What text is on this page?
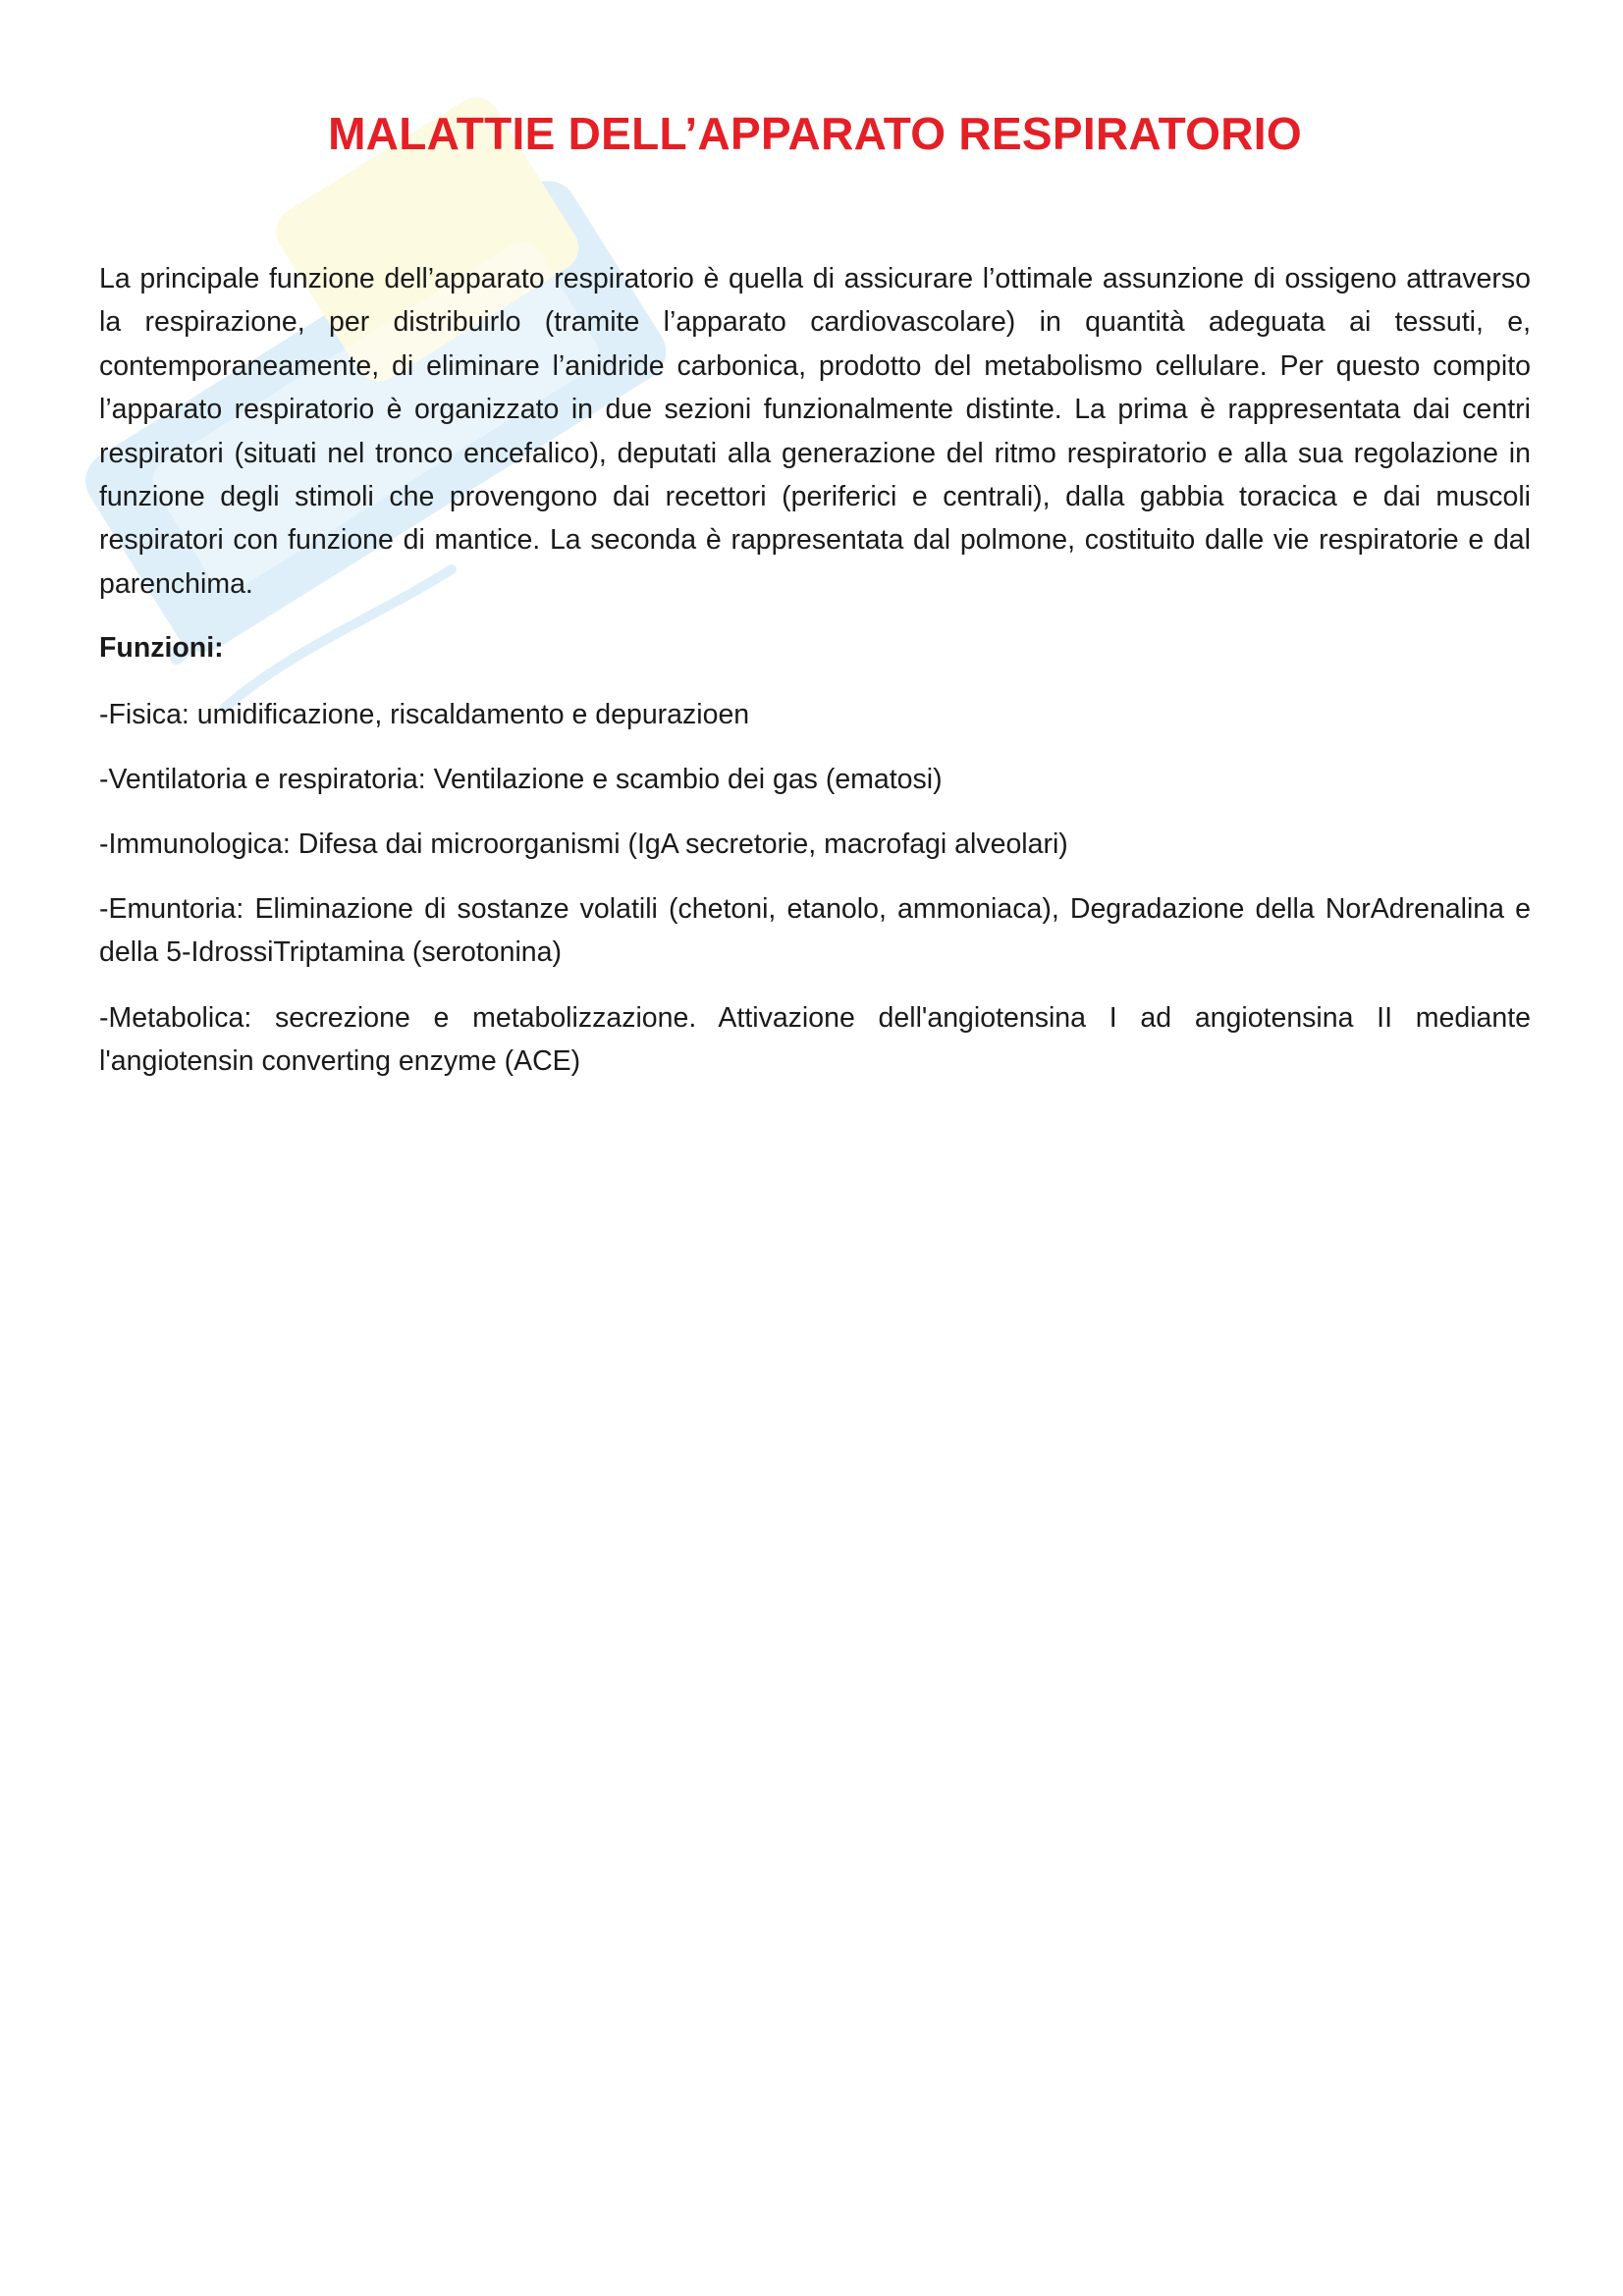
MALATTIE DELL’APPARATO RESPIRATORIO

La principale funzione dell’apparato respiratorio è quella di assicurare l’ottimale assunzione di ossigeno attraverso la respirazione, per distribuirlo (tramite l’apparato cardiovascolare) in quantità adeguata ai tessuti, e, contemporaneamente, di eliminare l’anidride carbonica, prodotto del metabolismo cellulare. Per questo compito l’apparato respiratorio è organizzato in due sezioni funzionalmente distinte. La prima è rappresentata dai centri respiratori (situati nel tronco encefalico), deputati alla generazione del ritmo respiratorio e alla sua regolazione in funzione degli stimoli che provengono dai recettori (periferici e centrali), dalla gabbia toracica e dai muscoli respiratori con funzione di mantice. La seconda è rappresentata dal polmone, costituito dalle vie respiratorie e dal parenchima.

Funzioni:

-Fisica: umidificazione, riscaldamento e depurazioen

-Ventilatoria e respiratoria: Ventilazione e scambio dei gas (ematosi)

-Immunologica: Difesa dai microorganismi (IgA secretorie, macrofagi alveolari)

-Emuntoria: Eliminazione di sostanze volatili (chetoni, etanolo, ammoniaca), Degradazione della NorAdrenalina e della 5-IdrossiTriptamina (serotonina)

-Metabolica: secrezione e metabolizzazione. Attivazione dell'angiotensina I ad angiotensina II mediante l'angiotensin converting enzyme (ACE)
